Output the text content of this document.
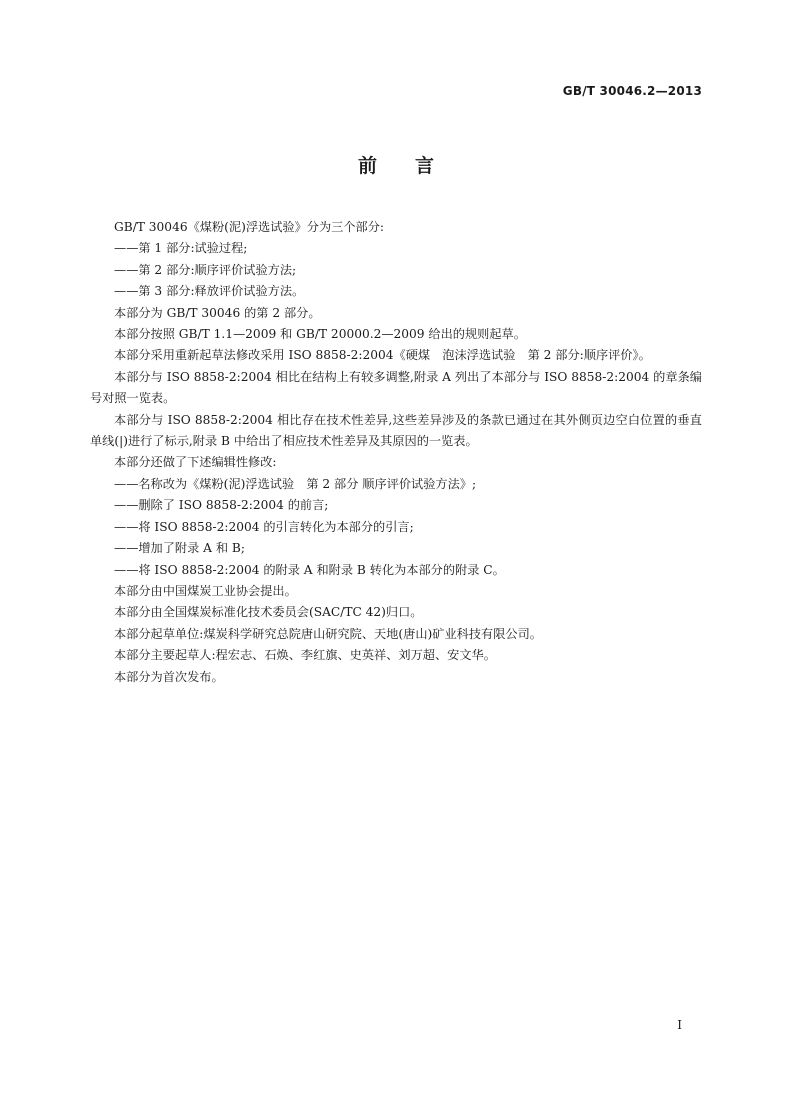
GB/T 30046.2—2013
前言

GB/T 30046《煤粉(泥)浮选试验》分为三个部分:

——第 1 部分:试验过程;

——第 2 部分:顺序评价试验方法;

——第 3 部分:释放评价试验方法。

本部分为 GB/T 30046 的第 2 部分。

本部分按照 GB/T 1.1—2009 和 GB/T 20000.2—2009 给出的规则起草。

本部分采用重新起草法修改采用 ISO 8858-2:2004《硬煤　泡沫浮选试验　第 2 部分:顺序评价》。

本部分与 ISO 8858-2:2004 相比在结构上有较多调整,附录 A 列出了本部分与 ISO 8858-2:2004 的章条编号对照一览表。

本部分与 ISO 8858-2:2004 相比存在技术性差异,这些差异涉及的条款已通过在其外侧页边空白位置的垂直单线(|)进行了标示,附录 B 中给出了相应技术性差异及其原因的一览表。

本部分还做了下述编辑性修改:

——名称改为《煤粉(泥)浮选试验　第 2 部分 顺序评价试验方法》;

——删除了 ISO 8858-2:2004 的前言;

——将 ISO 8858-2:2004 的引言转化为本部分的引言;

——增加了附录 A 和 B;

——将 ISO 8858-2:2004 的附录 A 和附录 B 转化为本部分的附录 C。

本部分由中国煤炭工业协会提出。

本部分由全国煤炭标准化技术委员会(SAC/TC 42)归口。

本部分起草单位:煤炭科学研究总院唐山研究院、天地(唐山)矿业科技有限公司。

本部分主要起草人:程宏志、石焕、李红旗、史英祥、刘万超、安文华。

本部分为首次发布。

I
